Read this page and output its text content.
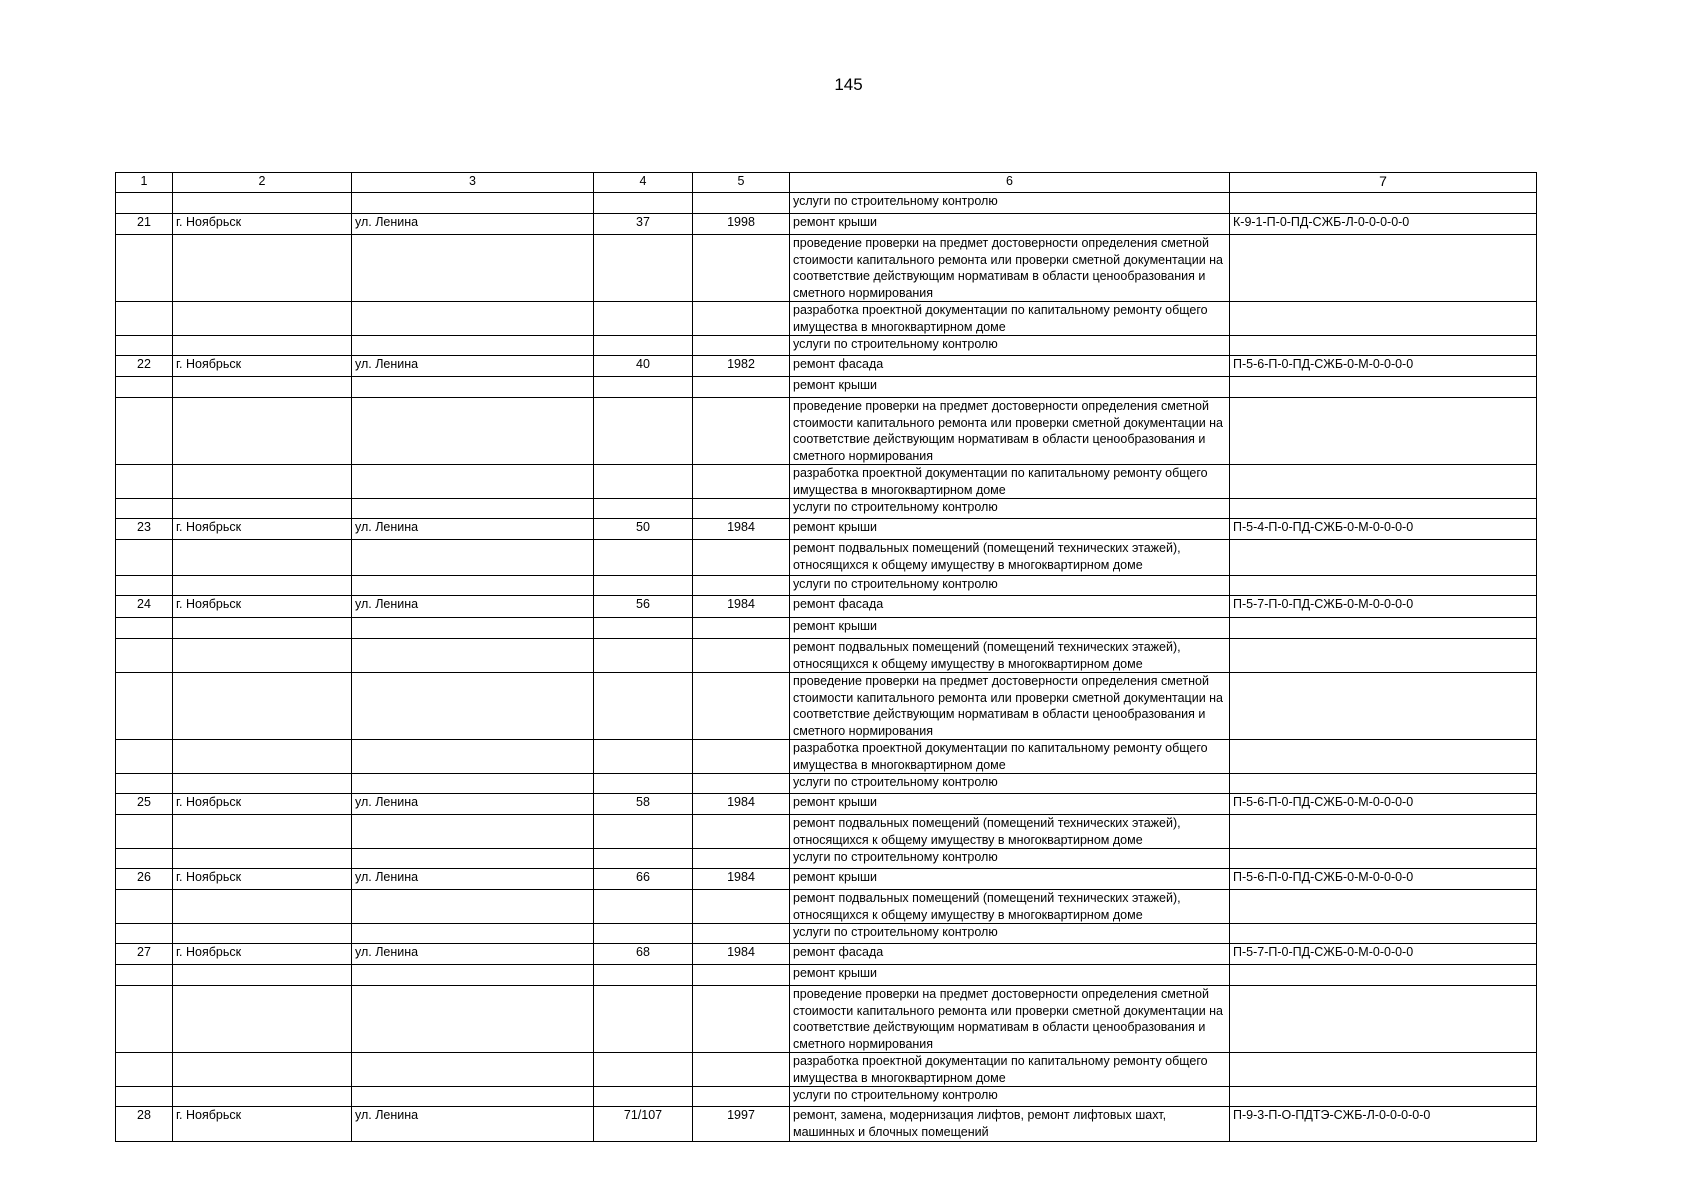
145
1	2	3	4	5	6	7
					услуги по строительному контролю	
21	г. Ноябрьск	ул. Ленина	37	1998	ремонт крыши	К-9-1-П-0-ПД-СЖБ-Л-0-0-0-0-0
					проведение проверки на предмет достоверности определения сметной стоимости капитального ремонта или проверки сметной документации на соответствие действующим нормативам в области ценообразования и сметного нормирования	
					разработка проектной документации по капитальному ремонту общего имущества в многоквартирном доме	
					услуги по строительному контролю	
22	г. Ноябрьск	ул. Ленина	40	1982	ремонт фасада	П-5-6-П-0-ПД-СЖБ-0-М-0-0-0-0
					ремонт крыши	
					проведение проверки на предмет достоверности определения сметной стоимости капитального ремонта или проверки сметной документации на соответствие действующим нормативам в области ценообразования и сметного нормирования	
					разработка проектной документации по капитальному ремонту общего имущества в многоквартирном доме	
					услуги по строительному контролю	
23	г. Ноябрьск	ул. Ленина	50	1984	ремонт крыши	П-5-4-П-0-ПД-СЖБ-0-М-0-0-0-0
					ремонт подвальных помещений (помещений технических этажей), относящихся к общему имуществу в многоквартирном доме	
					услуги по строительному контролю	
24	г. Ноябрьск	ул. Ленина	56	1984	ремонт фасада	П-5-7-П-0-ПД-СЖБ-0-М-0-0-0-0
					ремонт крыши	
					ремонт подвальных помещений (помещений технических этажей), относящихся к общему имуществу в многоквартирном доме	
					проведение проверки на предмет достоверности определения сметной стоимости капитального ремонта или проверки сметной документации на соответствие действующим нормативам в области ценообразования и сметного нормирования	
					разработка проектной документации по капитальному ремонту общего имущества в многоквартирном доме	
					услуги по строительному контролю	
25	г. Ноябрьск	ул. Ленина	58	1984	ремонт крыши	П-5-6-П-0-ПД-СЖБ-0-М-0-0-0-0
					ремонт подвальных помещений (помещений технических этажей), относящихся к общему имуществу в многоквартирном доме	
					услуги по строительному контролю	
26	г. Ноябрьск	ул. Ленина	66	1984	ремонт крыши	П-5-6-П-0-ПД-СЖБ-0-М-0-0-0-0
					ремонт подвальных помещений (помещений технических этажей), относящихся к общему имуществу в многоквартирном доме	
					услуги по строительному контролю	
27	г. Ноябрьск	ул. Ленина	68	1984	ремонт фасада	П-5-7-П-0-ПД-СЖБ-0-М-0-0-0-0
					ремонт крыши	
					проведение проверки на предмет достоверности определения сметной стоимости капитального ремонта или проверки сметной документации на соответствие действующим нормативам в области ценообразования и сметного нормирования	
					разработка проектной документации по капитальному ремонту общего имущества в многоквартирном доме	
					услуги по строительному контролю	
28	г. Ноябрьск	ул. Ленина	71/107	1997	ремонт, замена, модернизация лифтов, ремонт лифтовых шахт, машинных и блочных помещений	П-9-3-П-О-ПДТЭ-СЖБ-Л-0-0-0-0-0
